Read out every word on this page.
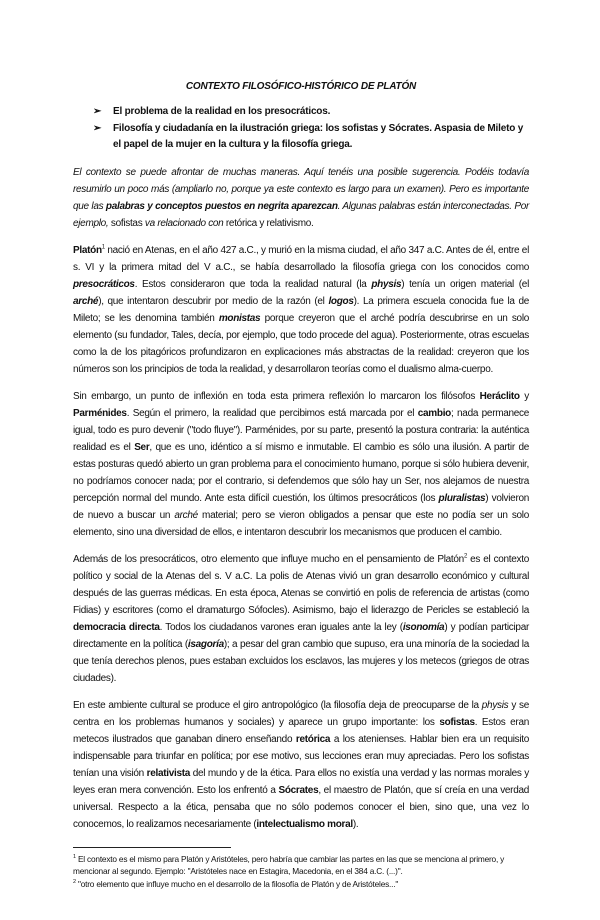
CONTEXTO FILOSÓFICO-HISTÓRICO DE PLATÓN
➢ El problema de la realidad en los presocráticos.
➢ Filosofía y ciudadanía en la ilustración griega: los sofistas y Sócrates. Aspasia de Mileto y el papel de la mujer en la cultura y la filosofía griega.

El contexto se puede afrontar de muchas maneras. Aquí tenéis una posible sugerencia. Podéis todavía resumirlo un poco más (ampliarlo no, porque ya este contexto es largo para un examen). Pero es importante que las palabras y conceptos puestos en negrita aparezcan. Algunas palabras están interconectadas. Por ejemplo, sofistas va relacionado con retórica y relativismo.

Platón$^1$ nació en Atenas, en el año 427 a.C., y murió en la misma ciudad, el año 347 a.C. Antes de él, entre el s. VI y la primera mitad del V a.C., se había desarrollado la filosofía griega con los conocidos como presocráticos. Estos consideraron que toda la realidad natural (la physis) tenía un origen material (el arché), que intentaron descubrir por medio de la razón (el logos). La primera escuela conocida fue la de Mileto; se les denomina también monistas porque creyeron que el arché podría descubrirse en un solo elemento (su fundador, Tales, decía, por ejemplo, que todo procede del agua). Posteriormente, otras escuelas como la de los pitagóricos profundizaron en explicaciones más abstractas de la realidad: creyeron que los números son los principios de toda la realidad, y desarrollaron teorías como el dualismo alma-cuerpo.

Sin embargo, un punto de inflexión en toda esta primera reflexión lo marcaron los filósofos Heráclito y Parménides. Según el primero, la realidad que percibimos está marcada por el cambio; nada permanece igual, todo es puro devenir ("todo fluye"). Parménides, por su parte, presentó la postura contraria: la auténtica realidad es el Ser, que es uno, idéntico a sí mismo e inmutable. El cambio es sólo una ilusión. A partir de estas posturas quedó abierto un gran problema para el conocimiento humano, porque si sólo hubiera devenir, no podríamos conocer nada; por el contrario, si defendemos que sólo hay un Ser, nos alejamos de nuestra percepción normal del mundo. Ante esta difícil cuestión, los últimos presocráticos (los pluralistas) volvieron de nuevo a buscar un arché material; pero se vieron obligados a pensar que este no podía ser un solo elemento, sino una diversidad de ellos, e intentaron descubrir los mecanismos que producen el cambio.

Además de los presocráticos, otro elemento que influye mucho en el pensamiento de Platón$^2$ es el contexto político y social de la Atenas del s. V a.C. La polis de Atenas vivió un gran desarrollo económico y cultural después de las guerras médicas. En esta época, Atenas se convirtió en polis de referencia de artistas (como Fidias) y escritores (como el dramaturgo Sófocles). Asimismo, bajo el liderazgo de Pericles se estableció la democracia directa. Todos los ciudadanos varones eran iguales ante la ley (isonomía) y podían participar directamente en la política (isagoría); a pesar del gran cambio que supuso, era una minoría de la sociedad la que tenía derechos plenos, pues estaban excluidos los esclavos, las mujeres y los metecos (griegos de otras ciudades).

En este ambiente cultural se produce el giro antropológico (la filosofía deja de preocuparse de la physis y se centra en los problemas humanos y sociales) y aparece un grupo importante: los sofistas. Estos eran metecos ilustrados que ganaban dinero enseñando retórica a los atenienses. Hablar bien era un requisito indispensable para triunfar en política; por ese motivo, sus lecciones eran muy apreciadas. Pero los sofistas tenían una visión relativista del mundo y de la ética. Para ellos no existía una verdad y las normas morales y leyes eran mera convención. Esto los enfrentó a Sócrates, el maestro de Platón, que sí creía en una verdad universal. Respecto a la ética, pensaba que no sólo podemos conocer el bien, sino que, una vez lo conocemos, lo realizamos necesariamente (intelectualismo moral).

$^1$ El contexto es el mismo para Platón y Aristóteles, pero habría que cambiar las partes en las que se menciona al primero, y mencionar al segundo. Ejemplo: "Aristóteles nace en Estagira, Macedonia, en el 384 a.C. (...)".
$^2$ "otro elemento que influye mucho en el desarrollo de la filosofía de Platón y de Aristóteles..."
